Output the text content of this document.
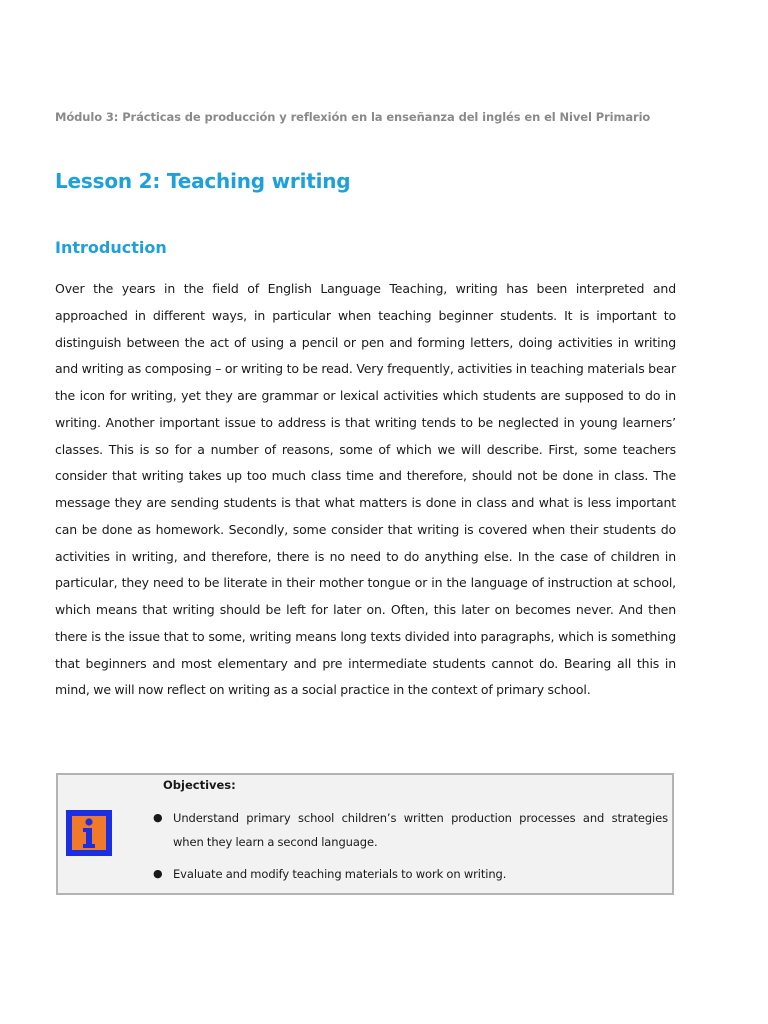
Módulo 3: Prácticas de producción y reflexión en la enseñanza del inglés en el Nivel Primario
Lesson 2: Teaching writing
Introduction

Over the years in the field of English Language Teaching, writing has been interpreted and approached in different ways, in particular when teaching beginner students. It is important to distinguish between the act of using a pencil or pen and forming letters, doing activities in writing and writing as composing – or writing to be read. Very frequently, activities in teaching materials bear the icon for writing, yet they are grammar or lexical activities which students are supposed to do in writing. Another important issue to address is that writing tends to be neglected in young learners’ classes. This is so for a number of reasons, some of which we will describe. First, some teachers consider that writing takes up too much class time and therefore, should not be done in class. The message they are sending students is that what matters is done in class and what is less important can be done as homework. Secondly, some consider that writing is covered when their students do activities in writing, and therefore, there is no need to do anything else. In the case of children in particular, they need to be literate in their mother tongue or in the language of instruction at school, which means that writing should be left for later on. Often, this later on becomes never. And then there is the issue that to some, writing means long texts divided into paragraphs, which is something that beginners and most elementary and pre intermediate students cannot do. Bearing all this in mind, we will now reflect on writing as a social practice in the context of primary school.

Objectives:
● Understand primary school children’s written production processes and strategies when they learn a second language.
● Evaluate and modify teaching materials to work on writing.
